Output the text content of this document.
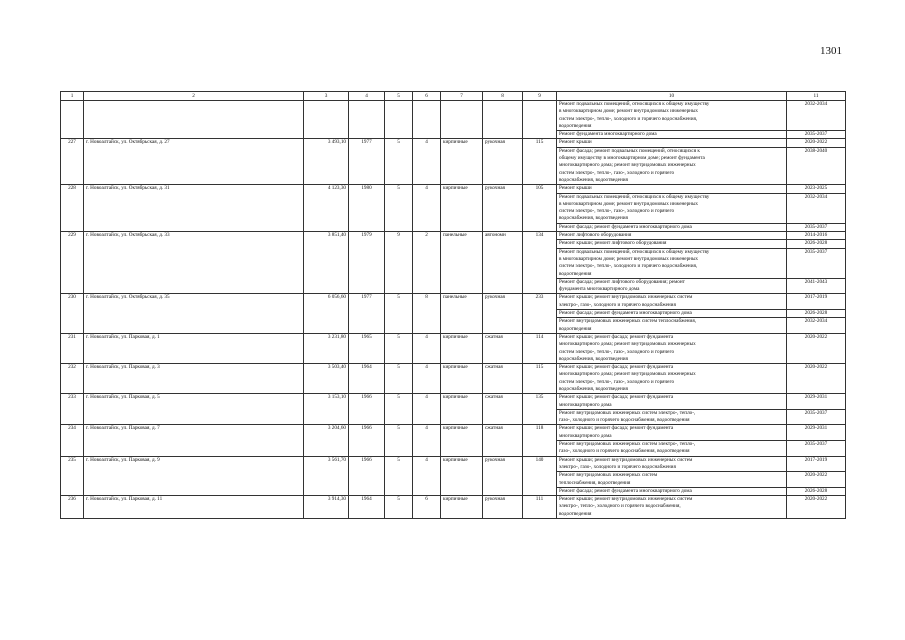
1301
1	2	3	4	5	6	7	8	9	10	11

									Ремонт подвальных помещений, относящихся к общему имуществу
в многоквартирном доме; ремонт внутридомовых инженерных
систем электро-, тепло-, холодного и горячего водоснабжения,
водоотведения	2032-2034

									Ремонт фундамента многоквартирного дома	2035-2037
227	г. Новоалтайск, ул. Октябрьская, д. 27	3 493,10	1977	5	4	кирпичные	рукочная	115	Ремонт крыши	2020-2022

									Ремонт фасада; ремонт подвальных помещений, относящихся к
общему имуществу в многоквартирном доме; ремонт фундамента
многоквартирного дома; ремонт внутридомовых инженерных
систем электро-, тепло-, газо-, холодного и горячего
водоснабжения, водоотведения	2038-2040
228	г. Новоалтайск, ул. Октябрьская, д. 31	4 123,30	1980	5	4	кирпичные	рукочная	105	Ремонт крыши	2023-2025

									Ремонт подвальных помещений, относящихся к общему имуществу
в многоквартирном доме; ремонт внутридомовых инженерных
систем электро-, тепло-, газо-, холодного и горячего
водоснабжения, водоотведения	2032-2034

									Ремонт фасада; ремонт фундамента многоквартирного дома	2035-2037
229	г. Новоалтайск, ул. Октябрьская, д. 33	3 851,40	1979	9	2	панельные	автономн	134	Ремонт лифтового оборудования	2014-2016

									Ремонт крыши; ремонт лифтового оборудования	2026-2028

									Ремонт подвальных помещений, относящихся к общему имуществу
в многоквартирном доме; ремонт внутридомовых инженерных
систем электро-, тепло-, холодного и горячего водоснабжения,
водоотведения	2035-2037

									Ремонт фасада; ремонт лифтового оборудования; ремонт
фундамента многоквартирного дома	2041-2043
230	г. Новоалтайск, ул. Октябрьская, д. 35	6 056,60	1977	5	8	панельные	рукочная	233	Ремонт крыши; ремонт внутридомовых инженерных систем
электро-, газо-, холодного и горячего водоснабжения	2017-2019

									Ремонт фасада; ремонт фундамента многоквартирного дома	2026-2028

									Ремонт внутридомовых инженерных систем теплоснабжения,
водоотведения	2032-2034
231	г. Новоалтайск, ул. Парковая, д. 1	3 231,80	1965	5	4	кирпичные	сжатная	114	Ремонт крыши; ремонт фасада; ремонт фундамента
многоквартирного дома; ремонт внутридомовых инженерных
систем электро-, тепло-, газо-, холодного и горячего
водоснабжения, водоотведения	2020-2022
232	г. Новоалтайск, ул. Парковая, д. 3	3 503,40	1964	5	4	кирпичные	сжатная	115	Ремонт крыши; ремонт фасада; ремонт фундамента
многоквартирного дома; ремонт внутридомовых инженерных
систем электро-, тепло-, газо-, холодного и горячего
водоснабжения, водоотведения	2020-2022
233	г. Новоалтайск, ул. Парковая, д. 5	3 153,10	1966	5	4	кирпичные	сжатная	135	Ремонт крыши; ремонт фасада; ремонт фундамента
многоквартирного дома	2029-2031

									Ремонт внутридомовых инженерных систем электро-, тепло-,
газо-, холодного и горячего водоснабжения, водоотведения	2035-2037
234	г. Новоалтайск, ул. Парковая, д. 7	3 204,60	1966	5	4	кирпичные	сжатная	118	Ремонт крыши; ремонт фасада; ремонт фундамента
многоквартирного дома	2029-2031

									Ремонт внутридомовых инженерных систем электро-, тепло-,
газо-, холодного и горячего водоснабжения, водоотведения	2035-2037
235	г. Новоалтайск, ул. Парковая, д. 9	3 561,70	1966	5	4	кирпичные	рукочная	140	Ремонт крыши; ремонт внутридомовых инженерных систем
электро-, газо-, холодного и горячего водоснабжения	2017-2019

									Ремонт внутридомовых инженерных систем
теплоснабжения, водоотведения	2020-2022

									Ремонт фасада; ремонт фундамента многоквартирного дома	2026-2028
236	г. Новоалтайск, ул. Парковая, д. 11	3 914,30	1964	5	6	кирпичные	рукочная	111	Ремонт крыши; ремонт внутридомовых инженерных систем
электро-, тепло-, холодного и горячего водоснабжения,
водоотведения	2020-2022
